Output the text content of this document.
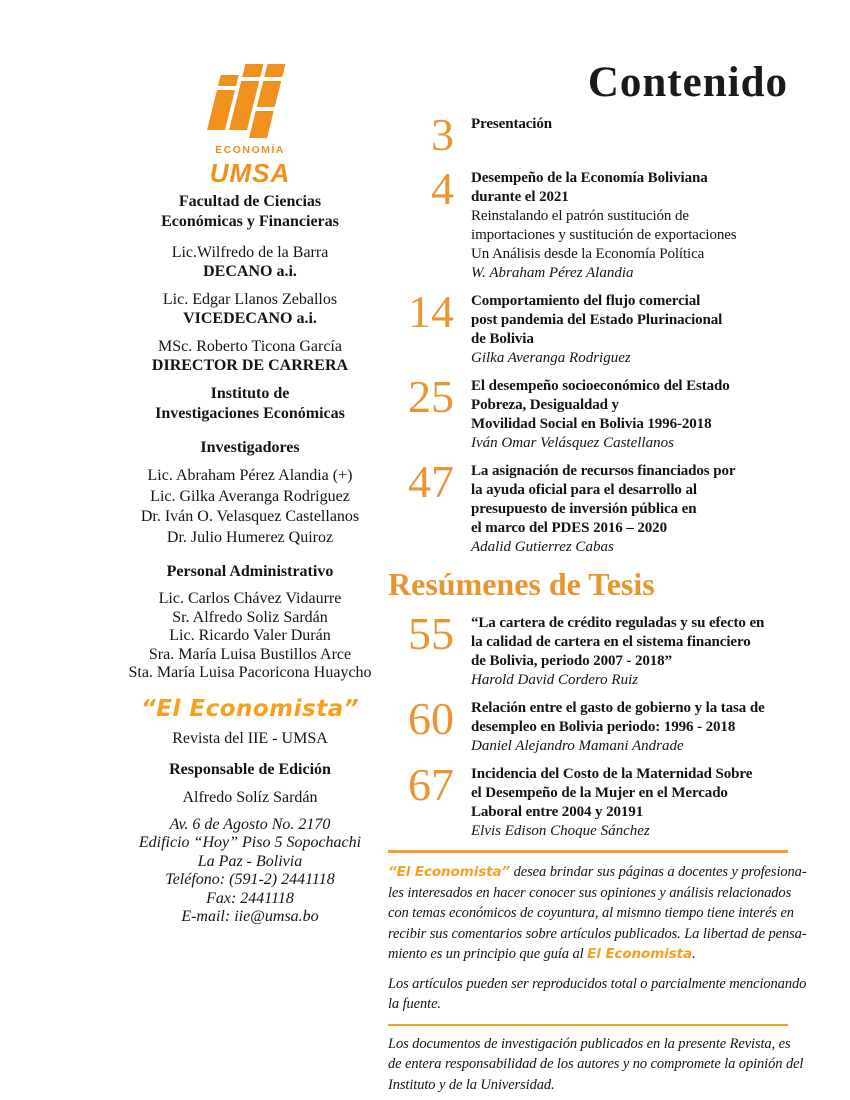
ECONOMÍA
UMSA
Facultad de Ciencias
Económicas y Financieras
Lic.Wilfredo de la Barra
DECANO a.i.
Lic. Edgar Llanos Zeballos
VICEDECANO a.i.
MSc. Roberto Ticona García
DIRECTOR DE CARRERA
Instituto de
Investigaciones Económicas
Investigadores
Lic. Abraham Pérez Alandia (+)
Lic. Gilka Averanga Rodriguez
Dr. Iván O. Velasquez Castellanos
Dr. Julio Humerez Quiroz
Personal Administrativo
Lic. Carlos Chávez Vidaurre
Sr. Alfredo Soliz Sardán
Lic. Ricardo Valer Durán
Sra. María Luisa Bustillos Arce
Sta. María Luisa Pacoricona Huaycho
“El Economista”
Revista del IIE - UMSA
Responsable de Edición
Alfredo Solíz Sardán
Av. 6 de Agosto No. 2170
Edificio “Hoy” Piso 5 Sopochachi
La Paz - Bolivia
Teléfono: (591-2) 2441118
Fax: 2441118
E-mail: iie@umsa.bo
Contenido
3	Presentación
4	Desempeño de la Economía Boliviana
durante el 2021
Reinstalando el patrón sustitución de
importaciones y sustitución de exportaciones
Un Análisis desde la Economía Política
W. Abraham Pérez Alandia
14	Comportamiento del flujo comercial
post pandemia del Estado Plurinacional
de Bolivia
Gilka Averanga Rodriguez
25	El desempeño socioeconómico del Estado
Pobreza, Desigualdad y
Movilidad Social en Bolivia 1996-2018
Iván Omar Velásquez Castellanos
47	La asignación de recursos financiados por
la ayuda oficial para el desarrollo al
presupuesto de inversión pública en
el marco del PDES 2016 – 2020
Adalid Gutierrez Cabas
Resúmenes de Tesis
55	“La cartera de crédito reguladas y su efecto en
la calidad de cartera en el sistema financiero
de Bolivia, periodo 2007 - 2018”
Harold David Cordero Ruiz
60	Relación entre el gasto de gobierno y la tasa de
desempleo en Bolivia periodo: 1996 - 2018
Daniel Alejandro Mamani Andrade
67	Incidencia del Costo de la Maternidad Sobre
el Desempeño de la Mujer en el Mercado
Laboral entre 2004 y 20191
Elvis Edison Choque Sánchez
“El Economista” desea brindar sus páginas a docentes y profesiona-
les interesados en hacer conocer sus opiniones y análisis relacionados
con temas económicos de coyuntura, al mismno tiempo tiene interés en
recibir sus comentarios sobre artículos publicados. La libertad de pensa-
miento es un principio que guía al El Economista.
Los artículos pueden ser reproducidos total o parcialmente mencionando
la fuente.
Los documentos de investigación publicados en la presente Revista, es
de entera responsabilidad de los autores y no compromete la opinión del
Instituto y de la Universidad.
